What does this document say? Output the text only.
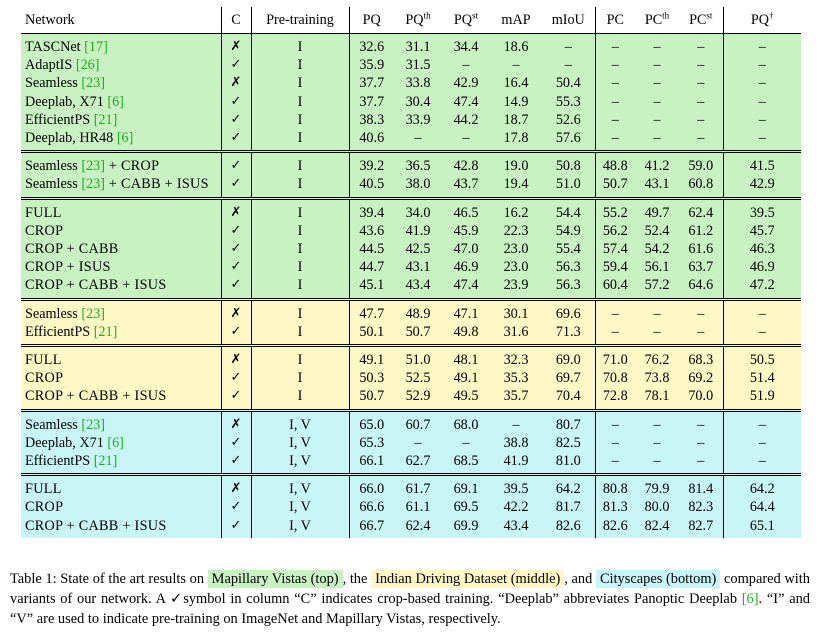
Network	C	Pre-training	PQ	$PQ^{th}$	$PQ^{st}$	mAP	mIoU	PC	$PC^{th}$	$PC^{st}$	PQ†
TASCNet [17]	✗	I	32.6	31.1	34.4	18.6	–	–	–	–	–
AdaptIS [26]	✓	I	35.9	31.5	–	–	–	–	–	–	–
Seamless [23]	✗	I	37.7	33.8	42.9	16.4	50.4	–	–	–	–
Deeplab, X71 [6]	✓	I	37.7	30.4	47.4	14.9	55.3	–	–	–	–
EfficientPS [21]	✓	I	38.3	33.9	44.2	18.7	52.6	–	–	–	–
Deeplab, HR48 [6]	✓	I	40.6	–	–	17.8	57.6	–	–	–	–
Seamless [23] + CROP	✓	I	39.2	36.5	42.8	19.0	50.8	48.8	41.2	59.0	41.5
Seamless [23] + CABB + ISUS	✓	I	40.5	38.0	43.7	19.4	51.0	50.7	43.1	60.8	42.9
FULL	✗	I	39.4	34.0	46.5	16.2	54.4	55.2	49.7	62.4	39.5
CROP	✓	I	43.6	41.9	45.9	22.3	54.9	56.2	52.4	61.2	45.7
CROP + CABB	✓	I	44.5	42.5	47.0	23.0	55.4	57.4	54.2	61.6	46.3
CROP + ISUS	✓	I	44.7	43.1	46.9	23.0	56.3	59.4	56.1	63.7	46.9
CROP + CABB + ISUS	✓	I	45.1	43.4	47.4	23.9	56.3	60.4	57.2	64.6	47.2
Seamless [23]	✗	I	47.7	48.9	47.1	30.1	69.6	–	–	–	–
EfficientPS [21]	✓	I	50.1	50.7	49.8	31.6	71.3	–	–	–	–
FULL	✗	I	49.1	51.0	48.1	32.3	69.0	71.0	76.2	68.3	50.5
CROP	✓	I	50.3	52.5	49.1	35.3	69.7	70.8	73.8	69.2	51.4
CROP + CABB + ISUS	✓	I	50.7	52.9	49.5	35.7	70.4	72.8	78.1	70.0	51.9
Seamless [23]	✗	I, V	65.0	60.7	68.0	–	80.7	–	–	–	–
Deeplab, X71 [6]	✓	I, V	65.3	–	–	38.8	82.5	–	–	–	–
EfficientPS [21]	✓	I, V	66.1	62.7	68.5	41.9	81.0	–	–	–	–
FULL	✗	I, V	66.0	61.7	69.1	39.5	64.2	80.8	79.9	81.4	64.2
CROP	✓	I, V	66.6	61.1	69.5	42.2	81.7	81.3	80.0	82.3	64.4
CROP + CABB + ISUS	✓	I, V	66.7	62.4	69.9	43.4	82.6	82.6	82.4	82.7	65.1
Table 1: State of the art results on Mapillary Vistas (top) , the Indian Driving Dataset (middle) , and Cityscapes (bottom) compared with variants of our network. A ✓symbol in column “C” indicates crop-based training. “Deeplab” abbreviates Panoptic Deeplab [6]. “I” and “V” are used to indicate pre-training on ImageNet and Mapillary Vistas, respectively.
